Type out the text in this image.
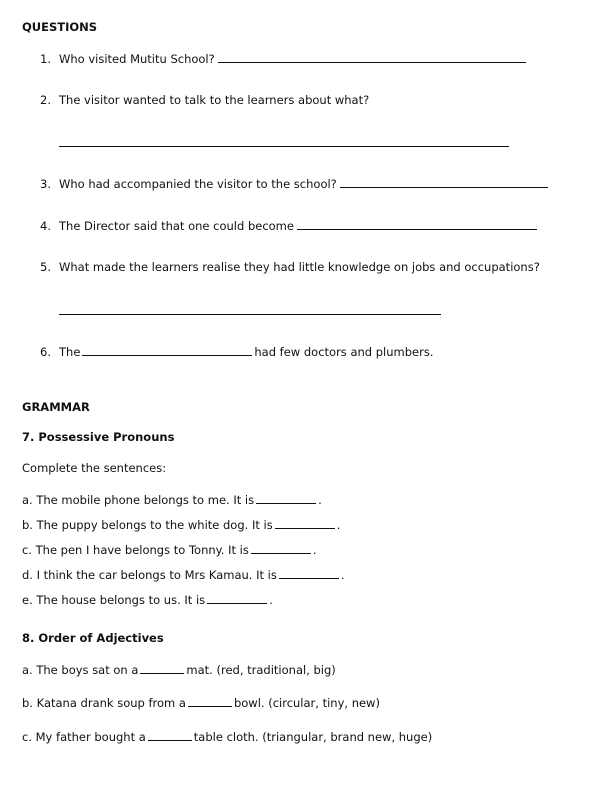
QUESTIONS
1. Who visited Mutitu School?
2. The visitor wanted to talk to the learners about what?
3. Who had accompanied the visitor to the school?
4. The Director said that one could become
5. What made the learners realise they had little knowledge on jobs and occupations?
6. The	had few doctors and plumbers.
GRAMMAR
7. Possessive Pronouns
Complete the sentences:
a. The mobile phone belongs to me. It is	.
b. The puppy belongs to the white dog. It is	.
c. The pen I have belongs to Tonny. It is	.
d. I think the car belongs to Mrs Kamau. It is	.
e. The house belongs to us. It is	.
8. Order of Adjectives
a. The boys sat on a	mat. (red, traditional, big)
b. Katana drank soup from a	bowl. (circular, tiny, new)
c. My father bought a	table cloth. (triangular, brand new, huge)
